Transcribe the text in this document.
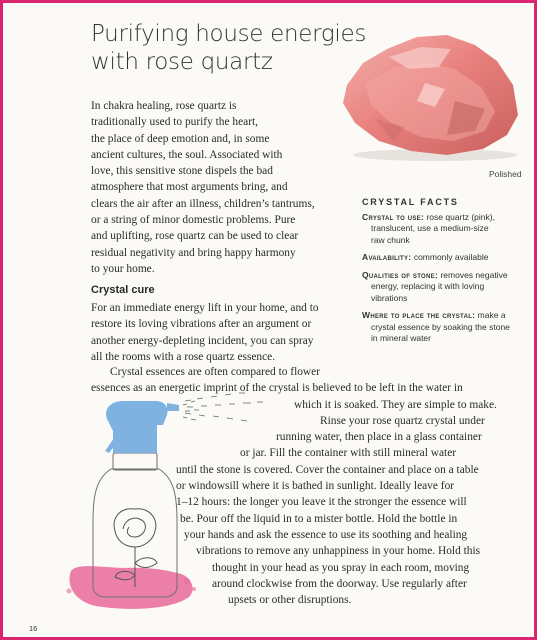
Purifying house energies
with rose quartz
Polished
In chakra healing, rose quartz is
traditionally used to purify the heart,
the place of deep emotion and, in some
ancient cultures, the soul. Associated with
love, this sensitive stone dispels the bad
atmosphere that most arguments bring, and
clears the air after an illness, children’s tantrums,
or a string of minor domestic problems. Pure
and uplifting, rose quartz can be used to clear
residual negativity and bring happy harmony
to your home.
CRYSTAL FACTS
Crystal to use: rose quartz (pink),
translucent, use a medium-size
raw chunk
Availability: commonly available
Qualities of stone: removes negative
energy, replacing it with loving
vibrations
Where to place the crystal: make a
crystal essence by soaking the stone
in mineral water
Crystal cure
For an immediate energy lift in your home, and to
restore its loving vibrations after an argument or
another energy-depleting incident, you can spray
all the rooms with a rose quartz essence.
Crystal essences are often compared to flower
essences as an energetic imprint of the crystal is believed to be left in the water in
which it is soaked. They are simple to make.
Rinse your rose quartz crystal under
running water, then place in a glass container
or jar. Fill the container with still mineral water
until the stone is covered. Cover the container and place on a table
or windowsill where it is bathed in sunlight. Ideally leave for
1–12 hours: the longer you leave it the stronger the essence will
be. Pour off the liquid in to a mister bottle. Hold the bottle in
your hands and ask the essence to use its soothing and healing
vibrations to remove any unhappiness in your home. Hold this
thought in your head as you spray in each room, moving
around clockwise from the doorway. Use regularly after
upsets or other disruptions.
16
